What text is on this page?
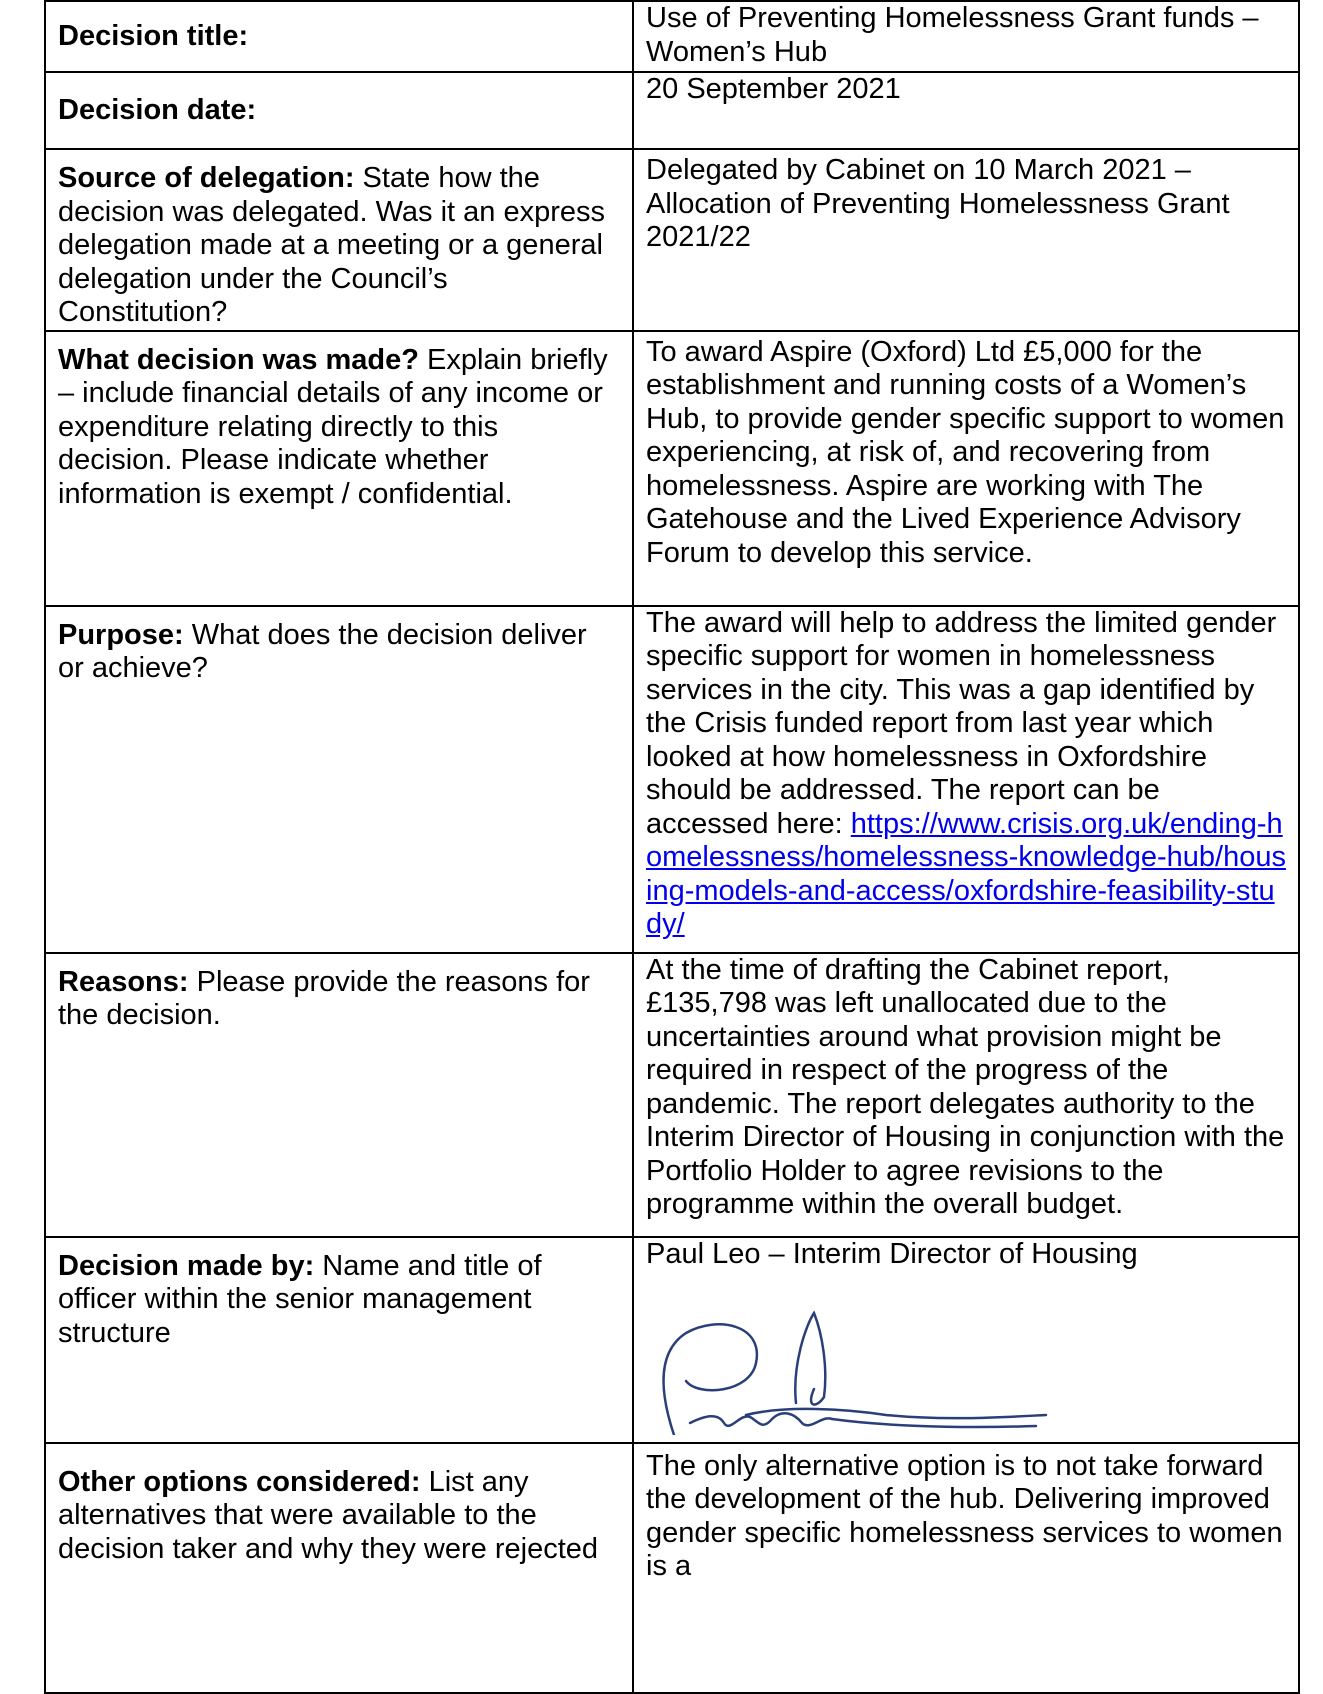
Decision title:	Use of Preventing Homelessness Grant funds – Women’s Hub
Decision date:	20 September 2021
Source of delegation: State how the decision was delegated. Was it an express delegation made at a meeting or a general delegation under the Council’s Constitution?	Delegated by Cabinet on 10 March 2021 – Allocation of Preventing Homelessness Grant 2021/22
What decision was made? Explain briefly – include financial details of any income or expenditure relating directly to this decision. Please indicate whether information is exempt / confidential.	To award Aspire (Oxford) Ltd £5,000 for the establishment and running costs of a Women’s Hub, to provide gender specific support to women experiencing, at risk of, and recovering from homelessness. Aspire are working with The Gatehouse and the Lived Experience Advisory Forum to develop this service.
Purpose: What does the decision deliver or achieve?	The award will help to address the limited gender specific support for women in homelessness services in the city. This was a gap identified by the Crisis funded report from last year which looked at how homelessness in Oxfordshire should be addressed. The report can be accessed here: https://www.crisis.org.uk/ending-homelessness/homelessness-knowledge-hub/housing-models-and-access/oxfordshire-feasibility-study/
Reasons: Please provide the reasons for the decision.	At the time of drafting the Cabinet report, £135,798 was left unallocated due to the uncertainties around what provision might be required in respect of the progress of the pandemic. The report delegates authority to the Interim Director of Housing in conjunction with the Portfolio Holder to agree revisions to the programme within the overall budget.
Decision made by: Name and title of officer within the senior management structure	Paul Leo – Interim Director of Housing

Other options considered: List any alternatives that were available to the decision taker and why they were rejected	The only alternative option is to not take forward the development of the hub. Delivering improved gender specific homelessness services to women is a
